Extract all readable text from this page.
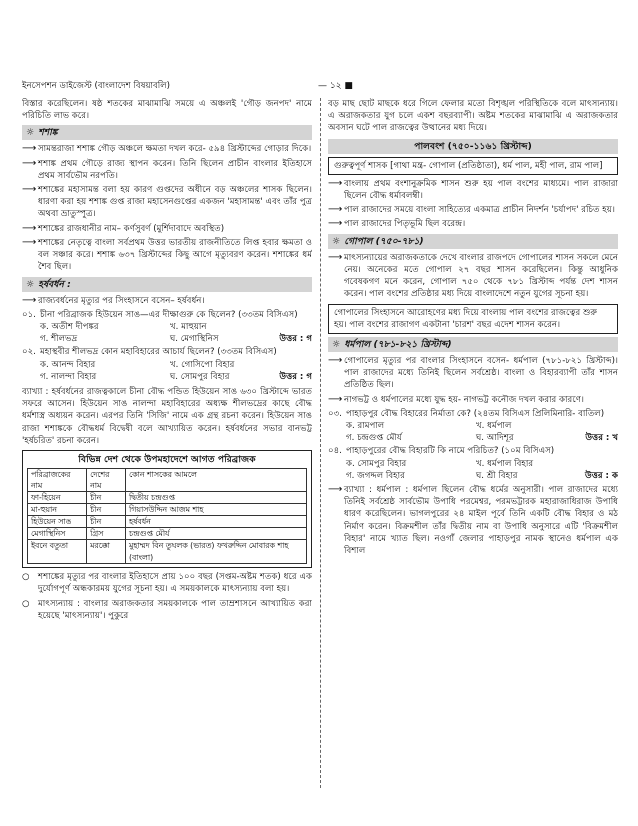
ইনসেপশন ডাইজেস্ট (বাংলাদেশ বিষয়াবলি)	— ১২ ■

বিস্তার করেছিলেন। ষষ্ঠ শতকের মাঝামাঝি সময়ে এ অঞ্চলই 'গৌড় জনপদ' নামে পরিচিতি লাভ করে।

☼ শশাঙ্ক
⟶ সামন্তরাজা শশাঙ্ক গৌড় অঞ্চলে ক্ষমতা দখল করে- ৫৯৪ খ্রিস্টাব্দের গোড়ার দিকে।
⟶ শশাঙ্ক প্রথম গৌড়ে রাজ্য স্থাপন করেন। তিনি ছিলেন প্রাচীন বাংলার ইতিহাসে প্রথম সার্বভৌম নরপতি।
⟶ শশাঙ্কের মহাসামন্ত বলা হয় কারণ গুপ্তদের অধীনে বড় অঞ্চলের শাসক ছিলেন। ধারণা করা হয় শশাঙ্ক গুপ্ত রাজা মহাসেনগুপ্তের একজন 'মহাসামন্ত' এবং তাঁর পুত্র অথবা ভ্রাতুস্পুত্র।
⟶ শশাঙ্কের রাজধানীর নাম– কর্ণসুবর্ণ (মুর্শিদাবাদে অবস্থিত)
⟶ শশাঙ্কের নেতৃত্বে বাংলা সর্বপ্রথম উত্তর ভারতীয় রাজনীতিতে লিপ্ত হবার ক্ষমতা ও বল সঞ্চার করে। শশাঙ্ক ৬৩৭ খ্রিস্টাব্দের কিছু আগে মৃত্যুবরণ করেন। শশাঙ্কের ধর্ম শৈব ছিল।
☼ হর্ষবর্ধন :
⟶ রাজ্যবর্ধনের মৃত্যুর পর সিংহাসনে বসেন– হর্ষবর্ধন।
০১. চীনা পরিব্রাজক হিউয়েন সাঙ—এর দীক্ষাগুরু কে ছিলেন? (৩৩তম বিসিএস)
ক. অতীশ দীপঙ্কর	খ. মাহুয়ান
গ. শীলভদ্র	ঘ. মেগাস্থিনিস	উত্তর : গ
০২. মহাস্থবীর শীলভদ্র কোন মহাবিহারের আচার্য ছিলেন? (৩৩তম বিসিএস)
ক. আনন্দ বিহার	খ. গোসিপো বিহার
গ. নালন্দা বিহার	ঘ. সোমপুর বিহার	উত্তর : গ

ব্যাখ্যা : হর্ষবর্ধনের রাজত্বকালে চীনা বৌদ্ধ পন্ডিত হিউয়েন সাঙ ৬৩০ খ্রিস্টাব্দে ভারত সফরে আসেন। হিউয়েন সাঙ নালন্দা মহাবিহারের অধ্যক্ষ শীলভদ্রের কাছে বৌদ্ধ ধর্মশাস্ত্র অধ্যয়ন করেন। এরপর তিনি 'সিজি' নামে এক গ্রন্থ রচনা করেন। হিউয়েন সাঙ রাজা শশাঙ্ককে বৌদ্ধধর্ম বিদ্বেষী বলে আখ্যায়িত করেন। হর্ষবর্ধনের সভার বানভট্ট 'হর্ষচরিত' রচনা করেন।

বিভিন্ন দেশ থেকে উপমহাদেশে আগত পরিব্রাজক
পরিব্রাজকের নাম	দেশের নাম	কোন শাসকের আমলে
ফা-হিয়েন	চীন	দ্বিতীয় চন্দ্রগুপ্ত
মা-হুয়ান	চীন	গিয়াসউদ্দিন আজম শাহ
হিউয়েন সাঙ	চীন	হর্ষবর্ধন
মেগাস্থিনিস	গ্রিস	চন্দ্রগুপ্ত মৌর্য
ইবনে বতুতা	মরক্কো	মুহাম্মদ বিন তুঘলক (ভারত) ফখরুদ্দিন মোবারক শাহ (বাংলা)
○ শশাঙ্কের মৃত্যুর পর বাংলার ইতিহাসে প্রায় ১০০ বছর (সপ্তম-অষ্টম শতক) ধরে এক দুর্যোগপূর্ণ অন্ধকারময় যুগের সূচনা হয়। এ সময়কালকে মাৎস্যন্যায় বলা হয়।
○ মাৎস্যন্যায় : বাংলার অরাজকতার সময়কালকে পাল তাম্রশাসনে আখ্যায়িত করা হয়েছে 'মাৎস্যন্যায়'। পুকুরে

বড় মাছ ছোট মাছকে ধরে গিলে ফেলার মতো বিশৃঙ্খল পরিস্থিতিকে বলে মাৎস্যন্যায়। এ অরাজকতার যুগ চলে একশ বছরব্যাপী। অষ্টম শতকের মাঝামাঝি এ অরাজকতার অবসান ঘটে পাল রাজত্বের উত্থানের মধ্য দিয়ে।

পালবংশ (৭৫০-১১৬১ খ্রিস্টাব্দ)
গুরুত্বপূর্ণ শাসক [গাথা মন্ত্র- গোপাল (প্রতিষ্ঠাতা), ধর্ম পাল, মহী পাল, রাম পাল]
⟶ বাংলায় প্রথম বংশানুক্রমিক শাসন শুরু হয় পাল বংশের মাধ্যমে। পাল রাজারা ছিলেন বৌদ্ধ ধর্মাবলম্বী।
⟶ পাল রাজাদের সময়ে বাংলা সাহিত্যের একমাত্র প্রাচীন নিদর্শন 'চর্যাপদ' রচিত হয়।
⟶ পাল রাজাদের পিতৃভূমি ছিল বরেন্দ্র।
☼ গোপাল (৭৫০-৭৮১)
⟶ মাৎস্যন্যায়ের অরাজকতাকে দেখে বাংলার রাজপদে গোপালের শাসন সকলে মেনে নেয়। অনেকের মতে গোপাল ২৭ বছর শাসন করেছিলেন। কিন্তু আধুনিক গবেষকগণ মনে করেন, গোপাল ৭৫০ থেকে ৭৮১ খ্রিস্টাব্দ পর্যন্ত দেশ শাসন করেন। পাল বংশের প্রতিষ্ঠার মধ্য দিয়ে বাংলাদেশে নতুন যুগের সূচনা হয়।
গোপালের সিংহাসনে আরোহণের মধ্য দিয়ে বাংলায় পাল বংশের রাজত্বের শুরু হয়। পাল বংশের রাজাগণ একটানা 'চারশ' বছর এদেশ শাসন করেন।
☼ ধর্মপাল (৭৮১-৮২১ খ্রিস্টাব্দ)
⟶ গোপালের মৃত্যুর পর বাংলার সিংহাসনে বসেন- ধর্মপাল (৭৮১-৮২১ খ্রিস্টাব্দ)। পাল রাজাদের মধ্যে তিনিই ছিলেন সর্বশ্রেষ্ঠ। বাংলা ও বিহারব্যাপী তাঁর শাসন প্রতিষ্ঠিত ছিল।
⟶ নাগভট্ট ও ধর্মপালের মধ্যে যুদ্ধ হয়- নাগভট্ট কনৌজ দখল করার কারণে।
০৩. পাহাড়পুর বৌদ্ধ বিহারের নির্মাতা কে? (২৪তম বিসিএস প্রিলিমিনারি- বাতিল)
ক. রামপাল	খ. ধর্মপাল
গ. চন্দ্রগুপ্ত মৌর্য	ঘ. আদিশূর	উত্তর : খ
০৪. পাহাড়পুরের বৌদ্ধ বিহারটি কি নামে পরিচিত? (১০ম বিসিএস)
ক. সোমপুর বিহার	খ. ধর্মপাল বিহার
গ. জগদ্দল বিহার	ঘ. শ্রী বিহার	উত্তর : ক
⟶ ব্যাখ্যা : ধর্মপাল : ধর্মপাল ছিলেন বৌদ্ধ ধর্মের অনুসারী। পাল রাজাদের মধ্যে তিনিই সর্বশ্রেষ্ঠ সার্বভৌম উপাধি পরমেশ্বর, পরমভট্টারক মহারাজাধিরাজ উপাধি ধারণ করেছিলেন। ভাগলপুরের ২৪ মাইল পূর্বে তিনি একটি বৌদ্ধ বিহার ও মঠ নির্মাণ করেন। বিক্রমশীল তাঁর দ্বিতীয় নাম বা উপাধি অনুসারে এটি 'বিক্রমশীল বিহার' নামে খ্যাত ছিল। নওগাঁ জেলার পাহাড়পুর নামক স্থানেও ধর্মপাল এক বিশাল
